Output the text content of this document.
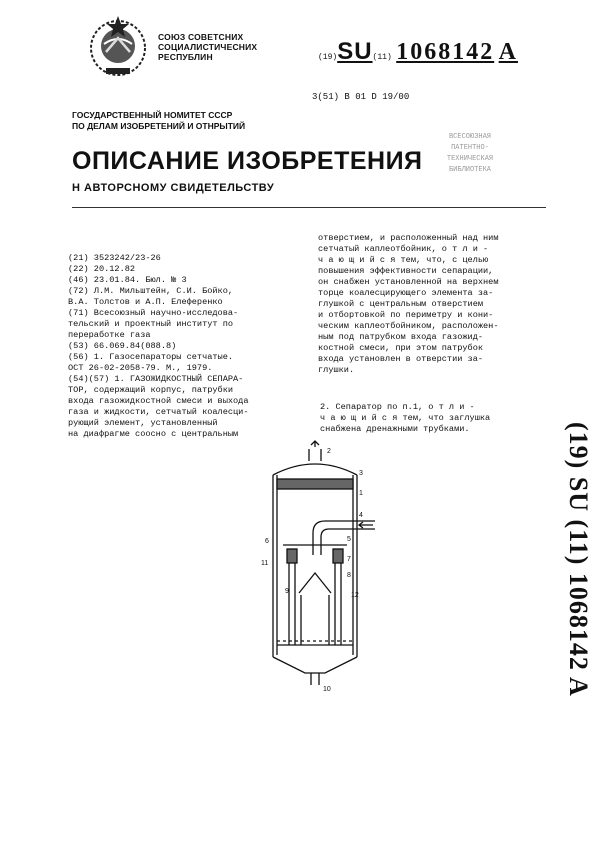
СОЮЗ СОВЕТСНИХ
СОЦИАЛИСТИЧЕСНИХ
РЕСПУБЛИН	(19)SU(11) 1068142 A
3(51) B 01 D 19/00
ГОСУДАРСТВЕННЫЙ НОМИТЕТ СССР
ПО ДЕЛАМ ИЗОБРЕТЕНИЙ И ОТНРЫТИЙ
ОПИСАНИЕ ИЗОБРЕТЕНИЯ
Н АВТОРСНОМУ СВИДЕТЕЛЬСТВУ
ВСЕСОЮЗНАЯ
ПАТЕНТНО-
ТЕХНИЧЕСКАЯ
БИБЛИОТЕКА
(21) 3523242/23-26
(22) 20.12.82
(46) 23.01.84. Бюл. № 3
(72) Л.М. Мильштейн, С.И. Бойко,
В.А. Толстов и А.П. Елеференко
(71) Всесоюзный научно-исследова-
тельский и проектный институт по
переработке газа
(53) 66.069.84(088.8)
(56) 1. Газосепараторы сетчатые.
ОСТ 26-02-2058-79. М., 1979.
(54)(57) 1. ГАЗОЖИДКОСТНЫЙ СЕПАРА-
ТОР, содержащий корпус, патрубки
входа газожидкостной смеси и выхода
газа и жидкости, сетчатый коалесци-
рующий элемент, установленный
на диафрагме соосно с центральным
отверстием, и расположенный над ним
сетчатый каплеотбойник, о т л и -
ч а ю щ и й с я тем, что, с целью
повышения эффективности сепарации,
он снабжен установленной на верхнем
торце коалесцирующего элемента за-
глушкой с центральным отверстием
и отбортовкой по периметру и кони-
ческим каплеотбойником, расположен-
ным под патрубком входа газожид-
костной смеси, при этом патрубок
входа установлен в отверстии за-
глушки.
2. Сепаратор по п.1, о т л и -
ч а ю щ и й с я тем, что заглушка
снабжена дренажными трубками.	(19) SU (11) 1068142 A
2
3
1
4
5
6
7
8
9
10
11
12
